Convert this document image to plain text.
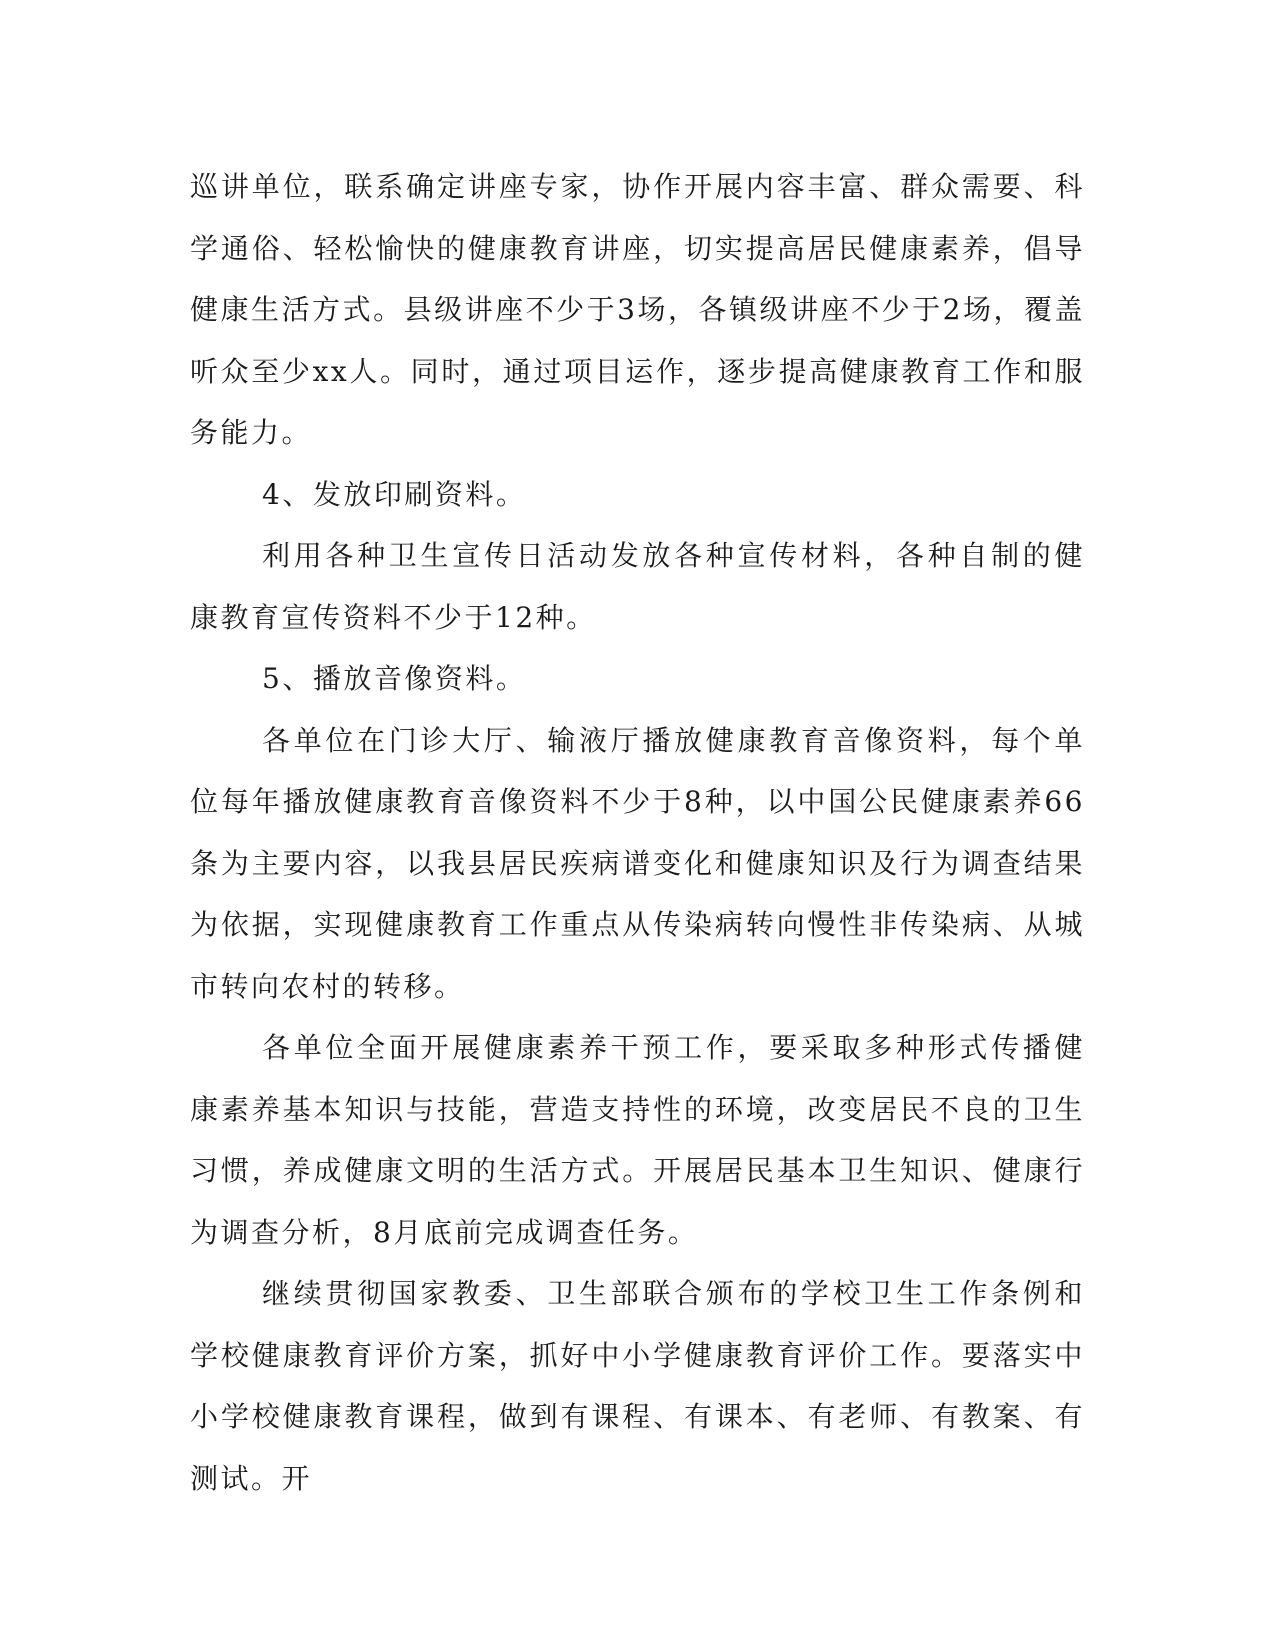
巡讲单位，联系确定讲座专家，协作开展内容丰富、群众需要、科学通俗、轻松愉快的健康教育讲座，切实提高居民健康素养，倡导健康生活方式。县级讲座不少于3场，各镇级讲座不少于2场，覆盖听众至少xx人。同时，通过项目运作，逐步提高健康教育工作和服务能力。

4、发放印刷资料。

利用各种卫生宣传日活动发放各种宣传材料，各种自制的健康教育宣传资料不少于12种。

5、播放音像资料。

各单位在门诊大厅、输液厅播放健康教育音像资料，每个单位每年播放健康教育音像资料不少于8种，以中国公民健康素养66条为主要内容，以我县居民疾病谱变化和健康知识及行为调查结果为依据，实现健康教育工作重点从传染病转向慢性非传染病、从城市转向农村的转移。

各单位全面开展健康素养干预工作，要采取多种形式传播健康素养基本知识与技能，营造支持性的环境，改变居民不良的卫生习惯，养成健康文明的生活方式。开展居民基本卫生知识、健康行为调查分析，8月底前完成调查任务。

继续贯彻国家教委、卫生部联合颁布的学校卫生工作条例和学校健康教育评价方案，抓好中小学健康教育评价工作。要落实中小学校健康教育课程，做到有课程、有课本、有老师、有教案、有测试。开
